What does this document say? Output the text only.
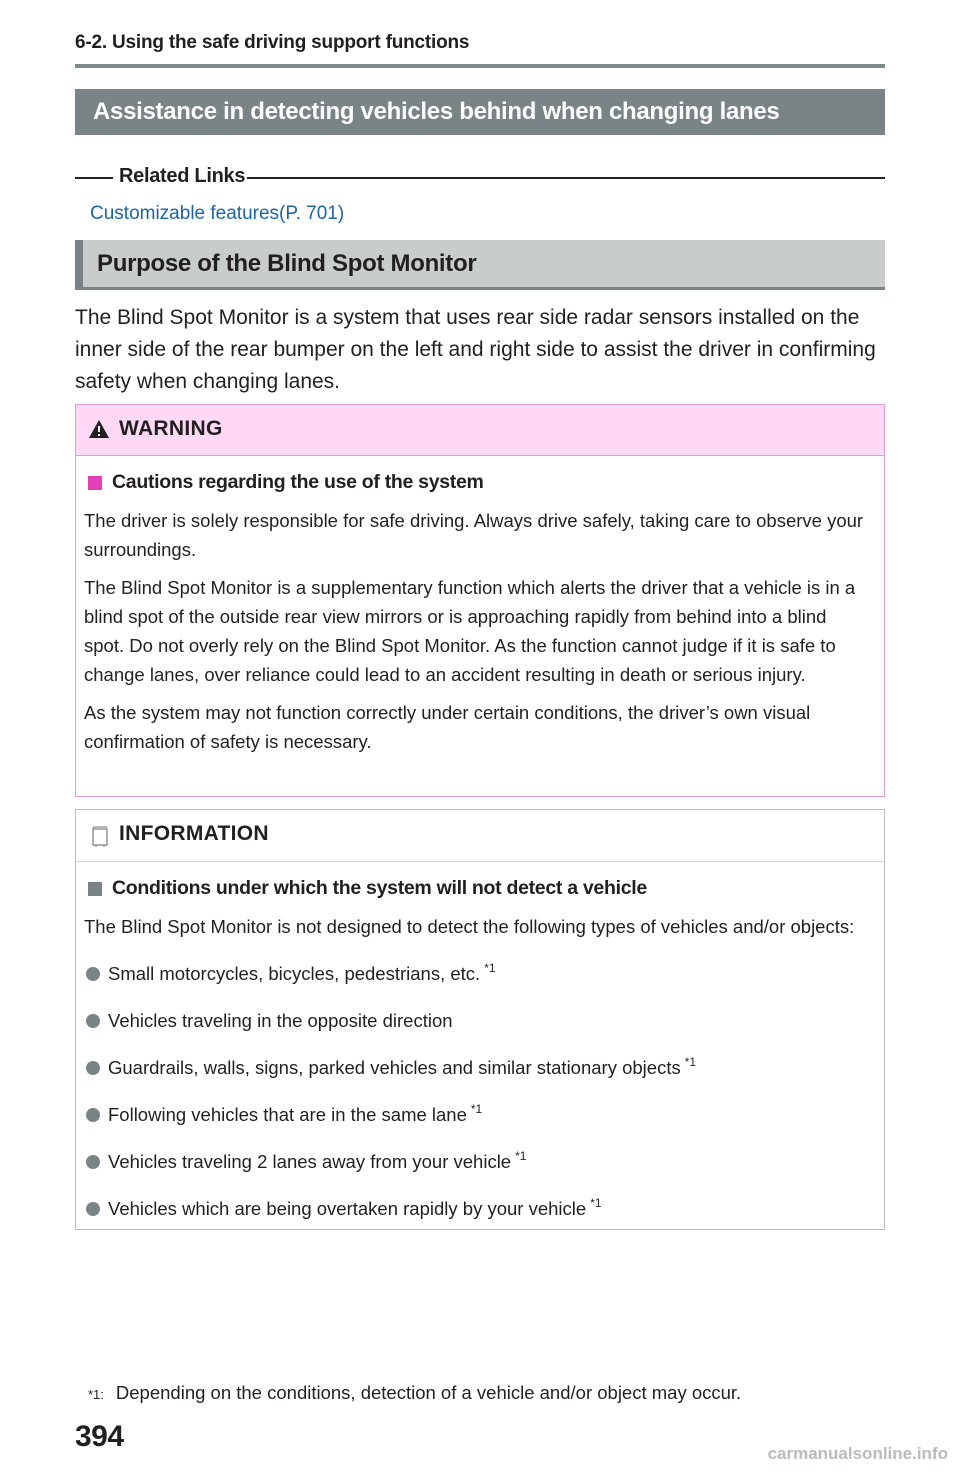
6-2. Using the safe driving support functions
Assistance in detecting vehicles behind when changing lanes
Related Links
Customizable features(P. 701)
Purpose of the Blind Spot Monitor

The Blind Spot Monitor is a system that uses rear side radar sensors installed on the inner side of the rear bumper on the left and right side to assist the driver in confirming safety when changing lanes.

WARNING
Cautions regarding the use of the system

The driver is solely responsible for safe driving. Always drive safely, taking care to observe your surroundings.

The Blind Spot Monitor is a supplementary function which alerts the driver that a vehicle is in a blind spot of the outside rear view mirrors or is approaching rapidly from behind into a blind spot. Do not overly rely on the Blind Spot Monitor. As the function cannot judge if it is safe to change lanes, over reliance could lead to an accident resulting in death or serious injury.

As the system may not function correctly under certain conditions, the driver’s own visual confirmation of safety is necessary.

INFORMATION
Conditions under which the system will not detect a vehicle

The Blind Spot Monitor is not designed to detect the following types of vehicles and/or objects:

Small motorcycles, bicycles, pedestrians, etc. $^{*1}$
Vehicles traveling in the opposite direction
Guardrails, walls, signs, parked vehicles and similar stationary objects $^{*1}$
Following vehicles that are in the same lane $^{*1}$
Vehicles traveling 2 lanes away from your vehicle $^{*1}$
Vehicles which are being overtaken rapidly by your vehicle $^{*1}$
*1: Depending on the conditions, detection of a vehicle and/or object may occur.
394
carmanualsonline.info
